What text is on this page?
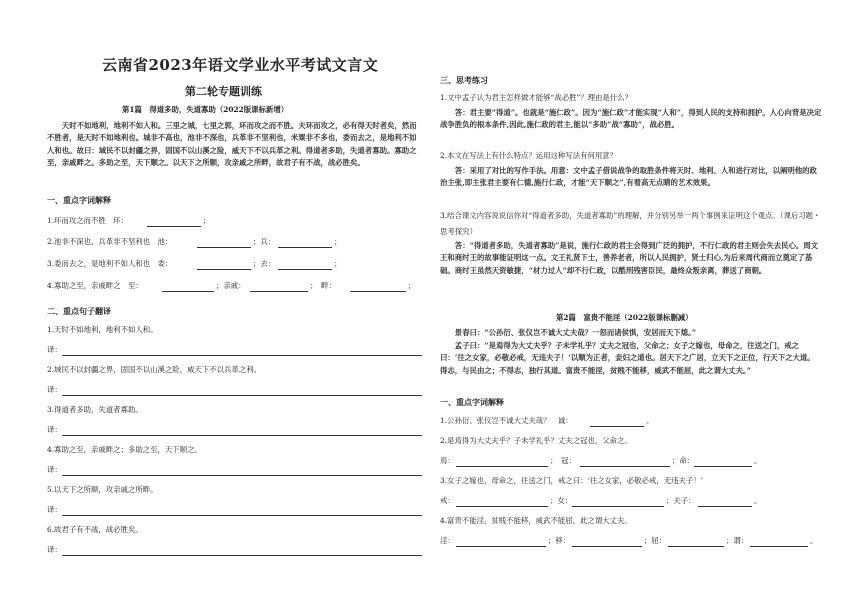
云南省2023年语文学业水平考试文言文
第二轮专题训练
第1篇　得道多助，失道寡助（2022版课标新增）
天时不如地利，地利不如人和。三里之城，七里之郭，环而攻之而不胜。夫环而攻之，必有得天时者矣，然而不胜者，是天时不如地利也。城非不高也，池非不深也，兵革非不坚利也，米粟非不多也，委而去之，是地利不如人和也。故曰：域民不以封疆之界，固国不以山溪之险，威天下不以兵革之利。得道者多助，失道者寡助。寡助之至，亲戚畔之。多助之至，天下顺之。以天下之所顺，攻亲戚之所畔，故君子有不战，战必胜矣。
一、重点字词解释
1.环而攻之而不胜　环：	；
2.池非不深也，兵革非不坚利也　池：	；兵：	；
3.委而去之，是地利不如人和也　委：	；去：	；
4.寡助之至，亲戚畔之　至：	；亲戚：	；　畔：	；
二、重点句子翻译
1.天时不如地利，地利不如人和。
译：
2.域民不以封疆之界，固国不以山溪之险，威天下不以兵革之利。
译：
3.得道者多助，失道者寡助。
译：
4.寡助之至，亲戚畔之；多助之至，天下顺之。
译：
5.以天下之所顺，攻亲戚之所畔。
译：
6.故君子有不战，战必胜矣。
译：
三、思考练习
1.文中孟子认为君主怎样做才能够“战必胜”？理由是什么？
答：君主要“得道”。也就是“施仁政”。因为“施仁政”才能实现“人和”，得到人民的支持和拥护。人心向背是决定战争胜负的根本条件,因此,施仁政的君主,能以“多助”战“寡助”，战必胜。
2.本文在写法上有什么特点？运用这种写法有何用意？
答：采用了对比的写作手法。用意：文中孟子借说战争的取胜条件将天时、地利、人和进行对比，以阐明他的政治主张,即主张君主要有仁德,施行仁政，才能“天下顺之”,有着高无点睛的艺术效果。
3.结合课文内容说说信你对“得道者多助，失道者寡助”的理解，并分别另举一两个事例来证明这个观点。（课后习题・思考探究）
答：“得道者多助，失道者寡助”是说，施行仁政的君主会得到广泛的拥护，不行仁政的君主则会失去民心。周文王和商纣王的故事能证明这一点。文王礼贤下士，善养老者，所以人民拥护，贤士归心,为后来周代商而立奠定了基础。商纣王虽然天资敏捷，“材力过人”却不行仁政，以酷刑残害臣民，最终众叛亲离，葬送了商朝。
第2篇　富贵不能淫（2022版课标删减）
景春曰：“公孙衍、张仪岂不诚大丈夫哉？一怒而诸侯惧，安居而天下熄。”
孟子曰：“是焉得为大丈夫乎？子未学礼乎？丈夫之冠也，父命之；女子之嫁也，母命之，往送之门，戒之曰：‘往之女家，必敬必戒，无违夫子！’以顺为正者，妾妇之道也。居天下之广居，立天下之正位，行天下之大道。得志，与民由之；不得志，独行其道。富贵不能淫，贫贱不能移，威武不能屈，此之谓大丈夫。”
一、重点字词解释
1.公孙衍、张仪岂不诚大丈夫哉？　诚：	。
2.是焉得为大丈夫乎？子未学礼乎？丈夫之冠也，父命之。
焉：	；　冠：	；命：	。
3.女子之嫁也，母命之，往送之门，戒之曰：‘往之女家，必敬必戒，无违夫子！’
戒：	；女：	；夫子：	。
4.富贵不能淫，贫贱不能移，威武不能屈，此之谓大丈夫。
淫：	；移：	；屈：	；谓：	。
